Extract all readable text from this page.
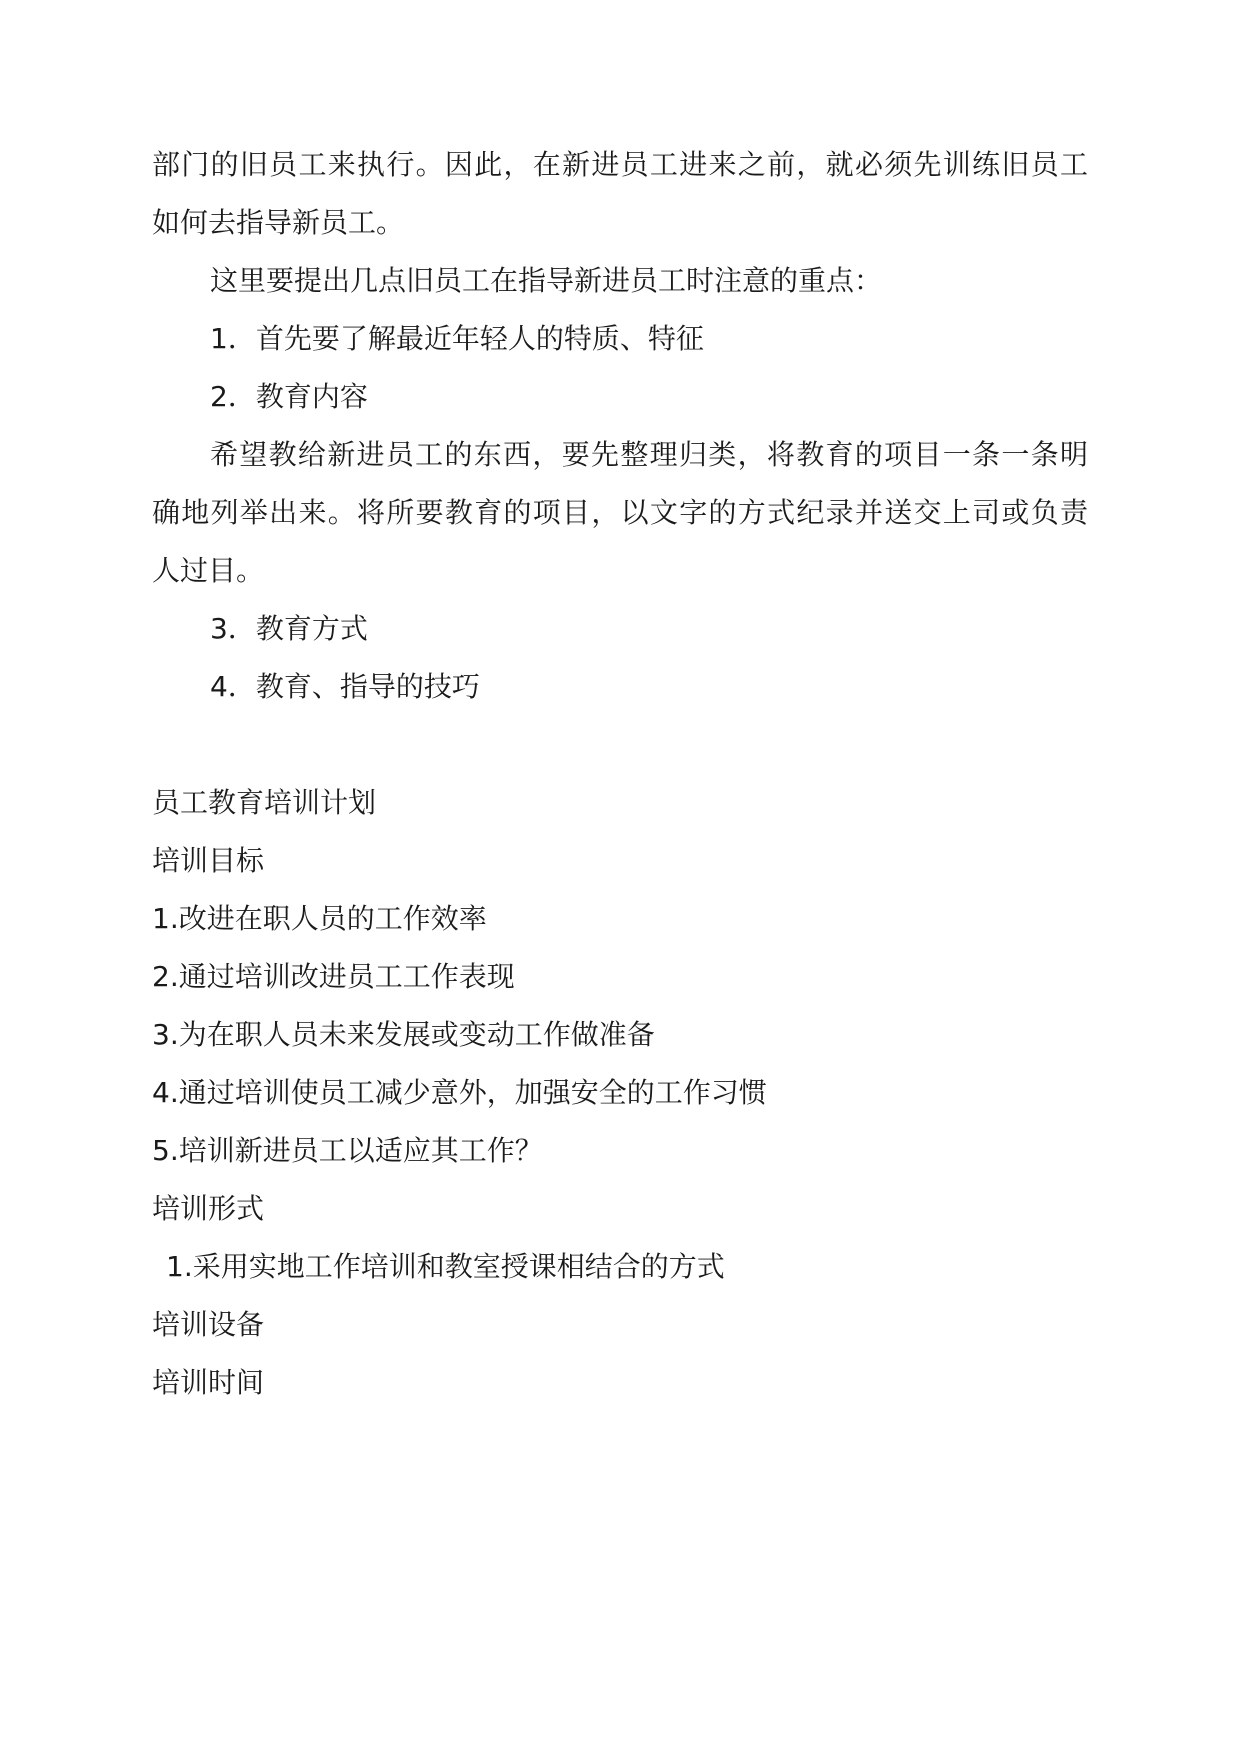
部门的旧员工来执行。因此，在新进员工进来之前，就必须先训练旧员工

如何去指导新员工。

这里要提出几点旧员工在指导新进员工时注意的重点：

1．首先要了解最近年轻人的特质、特征

2．教育内容

希望教给新进员工的东西，要先整理归类，将教育的项目一条一条明

确地列举出来。将所要教育的项目，以文字的方式纪录并送交上司或负责

人过目。

3．教育方式

4．教育、指导的技巧

员工教育培训计划

培训目标

1.改进在职人员的工作效率

2.通过培训改进员工工作表现

3.为在职人员未来发展或变动工作做准备

4.通过培训使员工减少意外，加强安全的工作习惯

5.培训新进员工以适应其工作？

培训形式

1.采用实地工作培训和教室授课相结合的方式

培训设备

培训时间
